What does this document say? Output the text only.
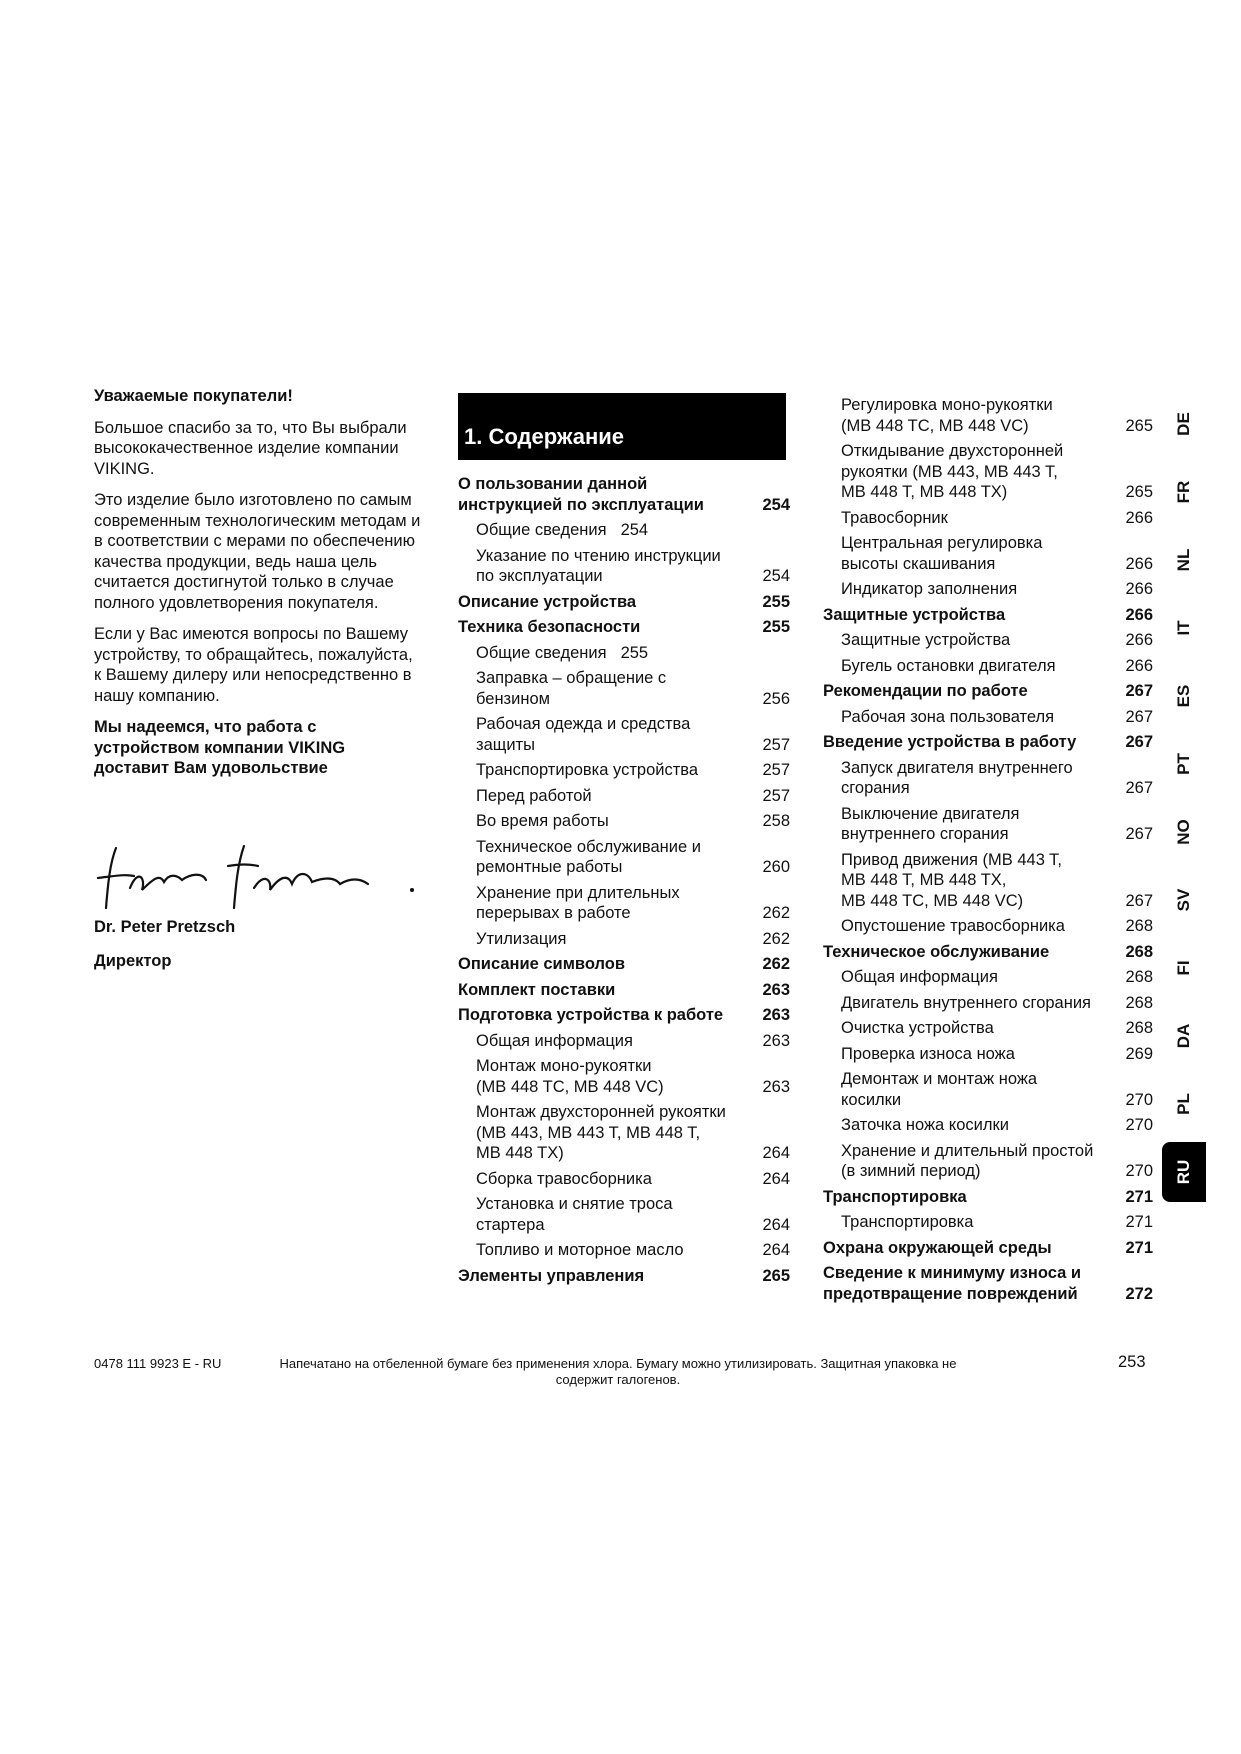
Уважаемые покупатели!

Большое спасибо за то, что Вы выбрали высококачественное изделие компании VIKING.

Это изделие было изготовлено по самым современным технологическим методам и в соответствии с мерами по обеспечению качества продукции, ведь наша цель считается достигнутой только в случае полного удовлетворения покупателя.

Если у Вас имеются вопросы по Вашему устройству, то обращайтесь, пожалуйста, к Вашему дилеру или непосредственно в нашу компанию.

Мы надеемся, что работа с устройством компании VIKING доставит Вам удовольствие

Dr. Peter Pretzsch
Директор
1. Содержание
О пользовании данной
инструкцией по эксплуатации	254
Общие сведения 254
Указание по чтению инструкции
по эксплуатации	254
Описание устройства	255
Техника безопасности	255
Общие сведения 255
Заправка – обращение с
бензином	256
Рабочая одежда и средства
защиты	257
Транспортировка устройства	257
Перед работой	257
Во время работы	258
Техническое обслуживание и
ремонтные работы	260
Хранение при длительных
перерывах в работе	262
Утилизация	262
Описание символов	262
Комплект поставки	263
Подготовка устройства к работе	263
Общая информация	263
Монтаж моно-рукоятки
(MB 448 TC, MB 448 VC)	263
Монтаж двухсторонней рукоятки
(MB 443, MB 443 T, MB 448 T,
MB 448 TX)	264
Сборка травосборника	264
Установка и снятие троса
стартера	264
Топливо и моторное масло	264
Элементы управления	265
Регулировка моно-рукоятки
(MB 448 TC, MB 448 VC)	265
Откидывание двухсторонней
рукоятки (MB 443, MB 443 T,
MB 448 T, MB 448 TX)	265
Травосборник	266
Центральная регулировка
высоты скашивания	266
Индикатор заполнения	266
Защитные устройства	266
Защитные устройства	266
Бугель остановки двигателя	266
Рекомендации по работе	267
Рабочая зона пользователя	267
Введение устройства в работу	267
Запуск двигателя внутреннего
сгорания	267
Выключение двигателя
внутреннего сгорания	267
Привод движения (MB 443 T,
MB 448 T, MB 448 TX,
MB 448 TC, MB 448 VC)	267
Опустошение травосборника	268
Техническое обслуживание	268
Общая информация	268
Двигатель внутреннего сгорания	268
Очистка устройства	268
Проверка износа ножа	269
Демонтаж и монтаж ножа
косилки	270
Заточка ножа косилки	270
Хранение и длительный простой
(в зимний период)	270
Транспортировка	271
Транспортировка	271
Охрана окружающей среды	271
Сведение к минимуму износа и
предотвращение повреждений	272
DE
FR
NL
IT
ES
PT
NO
SV
FI
DA
PL
RU
0478 111 9923 E - RU	Напечатано на отбеленной бумаге без применения хлора. Бумагу можно утилизировать. Защитная упаковка не содержит галогенов.
253
